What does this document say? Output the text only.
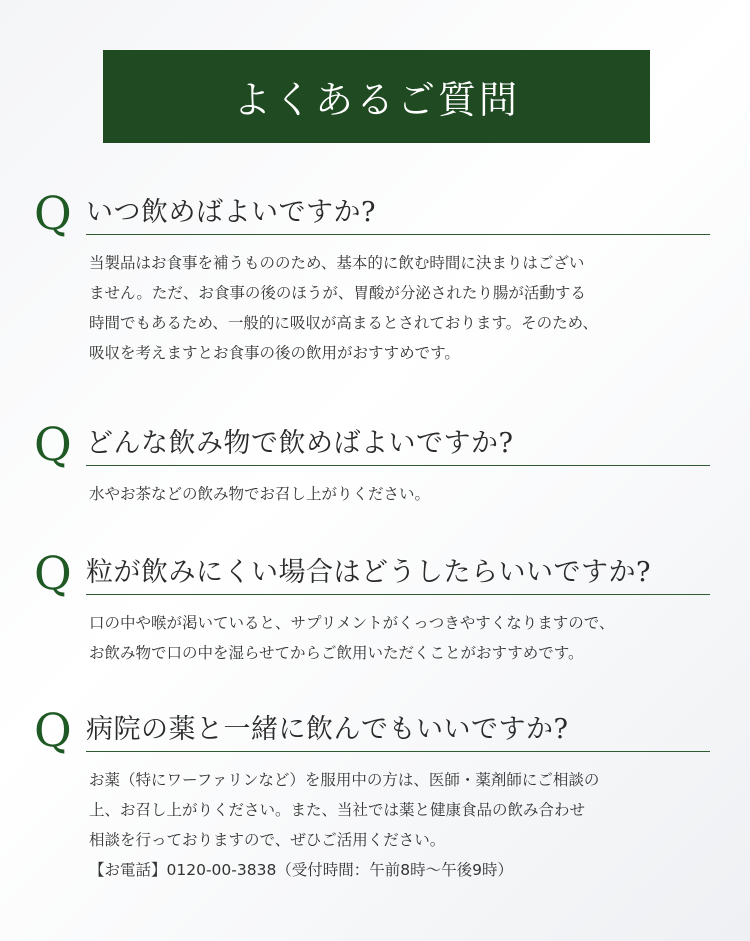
よくあるご質問
Q いつ飲めばよいですか?
当製品はお食事を補うもののため、基本的に飲む時間に決まりはござい
ません。ただ、お食事の後のほうが、胃酸が分泌されたり腸が活動する
時間でもあるため、一般的に吸収が高まるとされております。そのため、
吸収を考えますとお食事の後の飲用がおすすめです。
Q どんな飲み物で飲めばよいですか?
水やお茶などの飲み物でお召し上がりください。
Q 粒が飲みにくい場合はどうしたらいいですか?
口の中や喉が渇いていると、サプリメントがくっつきやすくなりますので、
お飲み物で口の中を湿らせてからご飲用いただくことがおすすめです。
Q 病院の薬と一緒に飲んでもいいですか?
お薬（特にワーファリンなど）を服用中の方は、医師・薬剤師にご相談の
上、お召し上がりください。また、当社では薬と健康食品の飲み合わせ
相談を行っておりますので、ぜひご活用ください。
【お電話】0120-00-3838（受付時間：午前8時〜午後9時）
